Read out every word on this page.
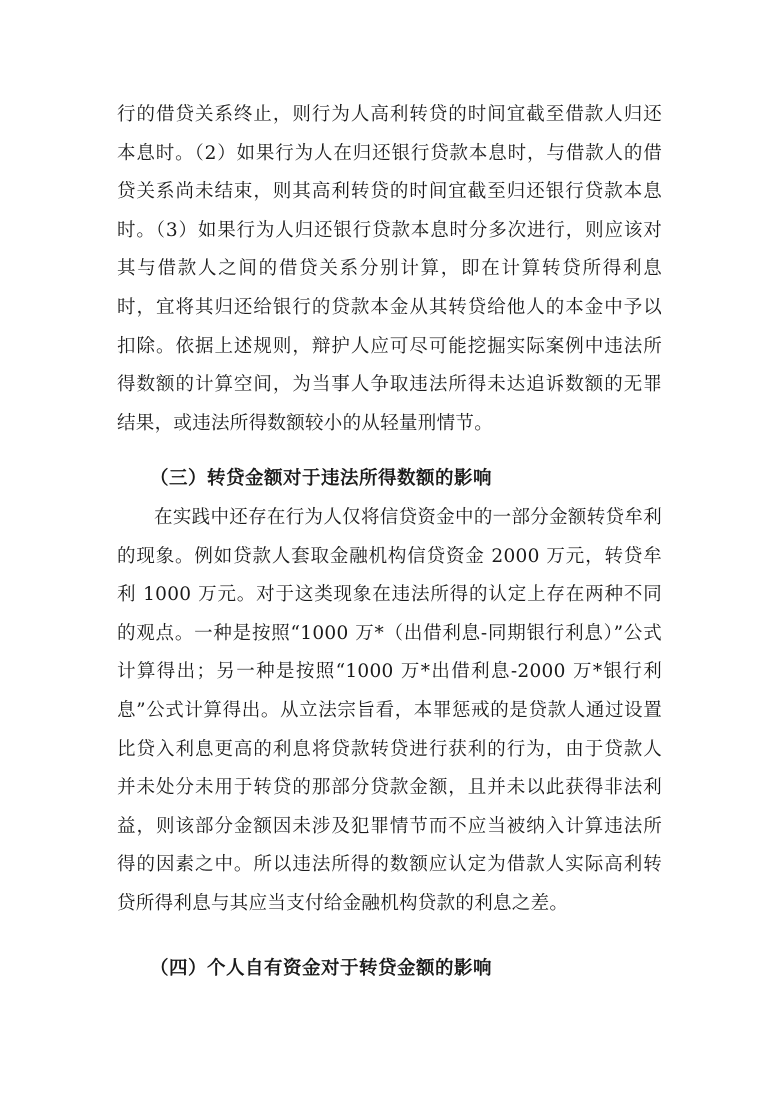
行的借贷关系终止，则行为人高利转贷的时间宜截至借款人归还本息时。（2）如果行为人在归还银行贷款本息时，与借款人的借贷关系尚未结束，则其高利转贷的时间宜截至归还银行贷款本息时。（3）如果行为人归还银行贷款本息时分多次进行，则应该对其与借款人之间的借贷关系分别计算，即在计算转贷所得利息时，宜将其归还给银行的贷款本金从其转贷给他人的本金中予以扣除。依据上述规则，辩护人应可尽可能挖掘实际案例中违法所得数额的计算空间，为当事人争取违法所得未达追诉数额的无罪结果，或违法所得数额较小的从轻量刑情节。
（三）转贷金额对于违法所得数额的影响
在实践中还存在行为人仅将信贷资金中的一部分金额转贷牟利的现象。例如贷款人套取金融机构信贷资金 2000 万元，转贷牟利 1000 万元。对于这类现象在违法所得的认定上存在两种不同的观点。一种是按照“1000 万*（出借利息-同期银行利息）”公式计算得出；另一种是按照“1000 万*出借利息-2000 万*银行利息”公式计算得出。从立法宗旨看，本罪惩戒的是贷款人通过设置比贷入利息更高的利息将贷款转贷进行获利的行为，由于贷款人并未处分未用于转贷的那部分贷款金额，且并未以此获得非法利益，则该部分金额因未涉及犯罪情节而不应当被纳入计算违法所得的因素之中。所以违法所得的数额应认定为借款人实际高利转贷所得利息与其应当支付给金融机构贷款的利息之差。
（四）个人自有资金对于转贷金额的影响
